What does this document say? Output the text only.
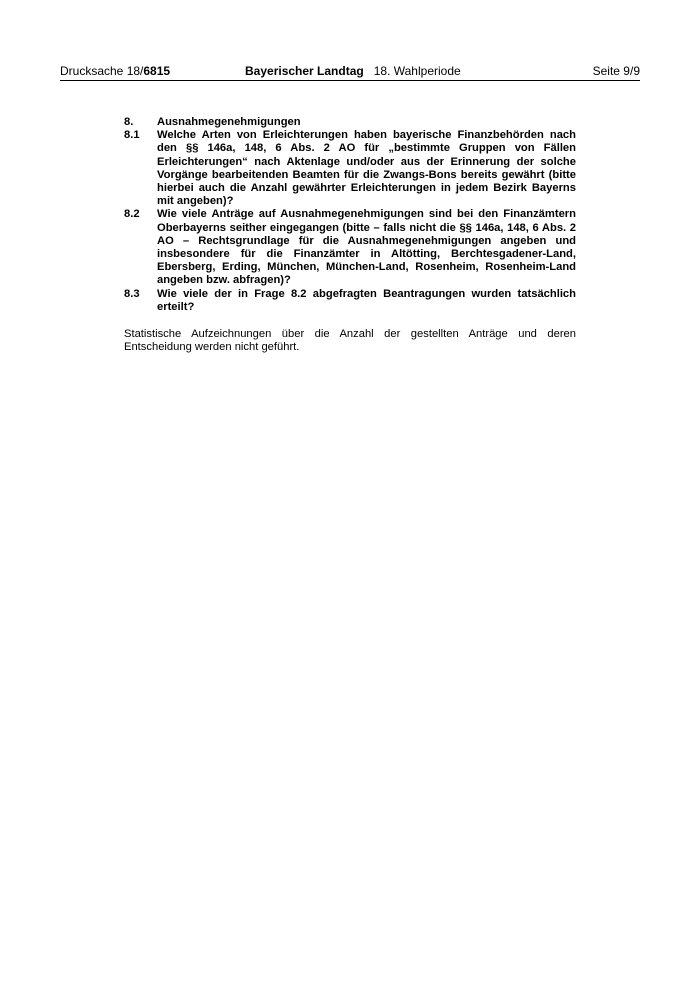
Drucksache 18/6815	Bayerischer Landtag 18. Wahlperiode	Seite 9/9
8. Ausnahmegenehmigungen
8.1 Welche Arten von Erleichterungen haben bayerische Finanzbehörden nach den §§ 146a, 148, 6 Abs. 2 AO für „bestimmte Gruppen von Fällen Erleichterungen“ nach Aktenlage und/oder aus der Erinnerung der solche Vorgänge bearbeitenden Beamten für die Zwangs-Bons bereits gewährt (bitte hierbei auch die Anzahl gewährter Erleichterungen in jedem Bezirk Bayerns mit angeben)?
8.2 Wie viele Anträge auf Ausnahmegenehmigungen sind bei den Finanzämtern Oberbayerns seither eingegangen (bitte – falls nicht die §§ 146a, 148, 6 Abs. 2 AO – Rechtsgrundlage für die Ausnahmegenehmigungen angeben und insbesondere für die Finanzämter in Altötting, Berchtesgadener-Land, Ebersberg, Erding, München, München-Land, Rosenheim, Rosenheim-Land angeben bzw. abfragen)?
8.3 Wie viele der in Frage 8.2 abgefragten Beantragungen wurden tatsächlich erteilt?
Statistische Aufzeichnungen über die Anzahl der gestellten Anträge und deren Entscheidung werden nicht geführt.
